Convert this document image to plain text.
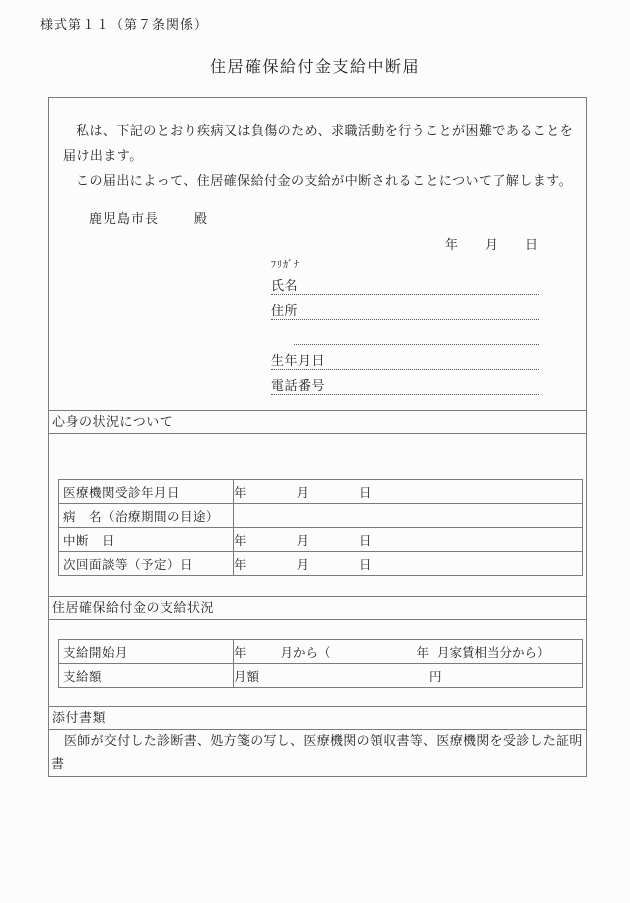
様式第１１（第７条関係）
住居確保給付金支給中断届

私は、下記のとおり疾病又は負傷のため、求職活動を行うことが困難であることを届け出ます。

この届出によって、住居確保給付金の支給が中断されることについて了解します。

鹿児島市長	殿
年 月 日
ﾌﾘｶﾞﾅ
氏名
住所
生年月日
電話番号
心身の状況について
医療機関受診年月日	年 月 日
病　名（治療期間の目途）	
中断　日	年 月 日
次回面談等（予定）日	年 月 日
住居確保給付金の支給状況
支給開始月	年 月から（ 年 月家賃相当分から）
支給額	月額 円
添付書類
医師が交付した診断書、処方箋の写し、医療機関の領収書等、医療機関を受診した証明書
